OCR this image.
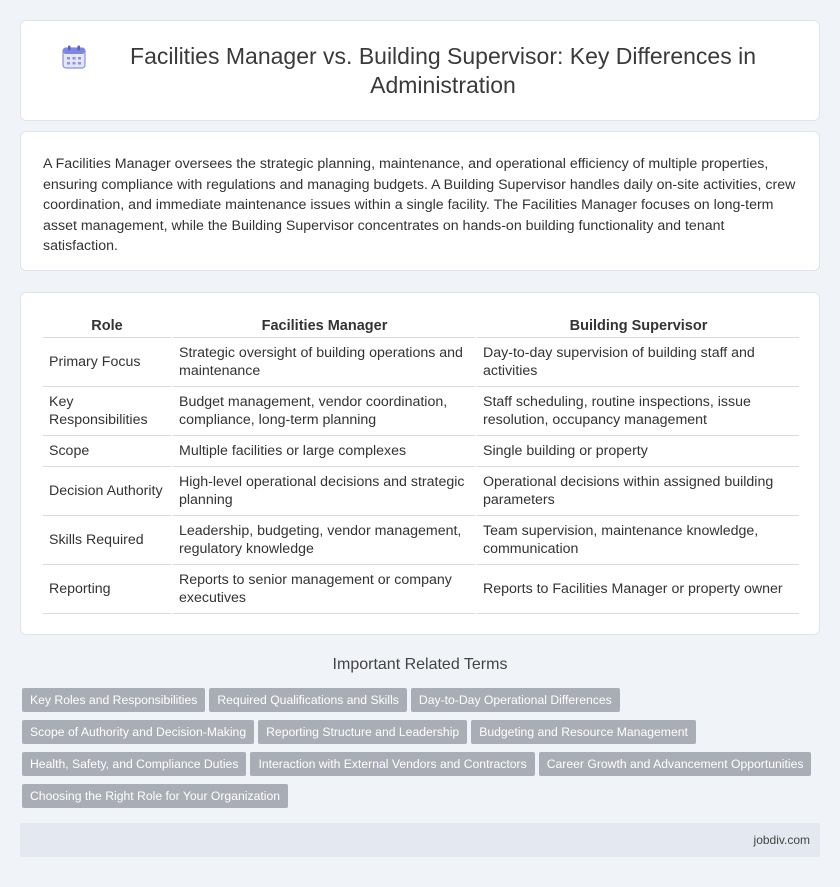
Facilities Manager vs. Building Supervisor: Key Differences in Administration

A Facilities Manager oversees the strategic planning, maintenance, and operational efficiency of multiple properties, ensuring compliance with regulations and managing budgets. A Building Supervisor handles daily on-site activities, crew coordination, and immediate maintenance issues within a single facility. The Facilities Manager focuses on long-term asset management, while the Building Supervisor concentrates on hands-on building functionality and tenant satisfaction.

Role	Facilities Manager	Building Supervisor
Primary Focus	Strategic oversight of building operations and maintenance	Day-to-day supervision of building staff and activities
Key Responsibilities	Budget management, vendor coordination, compliance, long-term planning	Staff scheduling, routine inspections, issue resolution, occupancy management
Scope	Multiple facilities or large complexes	Single building or property
Decision Authority	High-level operational decisions and strategic planning	Operational decisions within assigned building parameters
Skills Required	Leadership, budgeting, vendor management, regulatory knowledge	Team supervision, maintenance knowledge, communication
Reporting	Reports to senior management or company executives	Reports to Facilities Manager or property owner
Important Related Terms
Key Roles and Responsibilities Required Qualifications and Skills Day-to-Day Operational Differences
Scope of Authority and Decision-Making Reporting Structure and Leadership Budgeting and Resource Management
Health, Safety, and Compliance Duties Interaction with External Vendors and Contractors Career Growth and Advancement Opportunities
Choosing the Right Role for Your Organization
jobdiv.com
